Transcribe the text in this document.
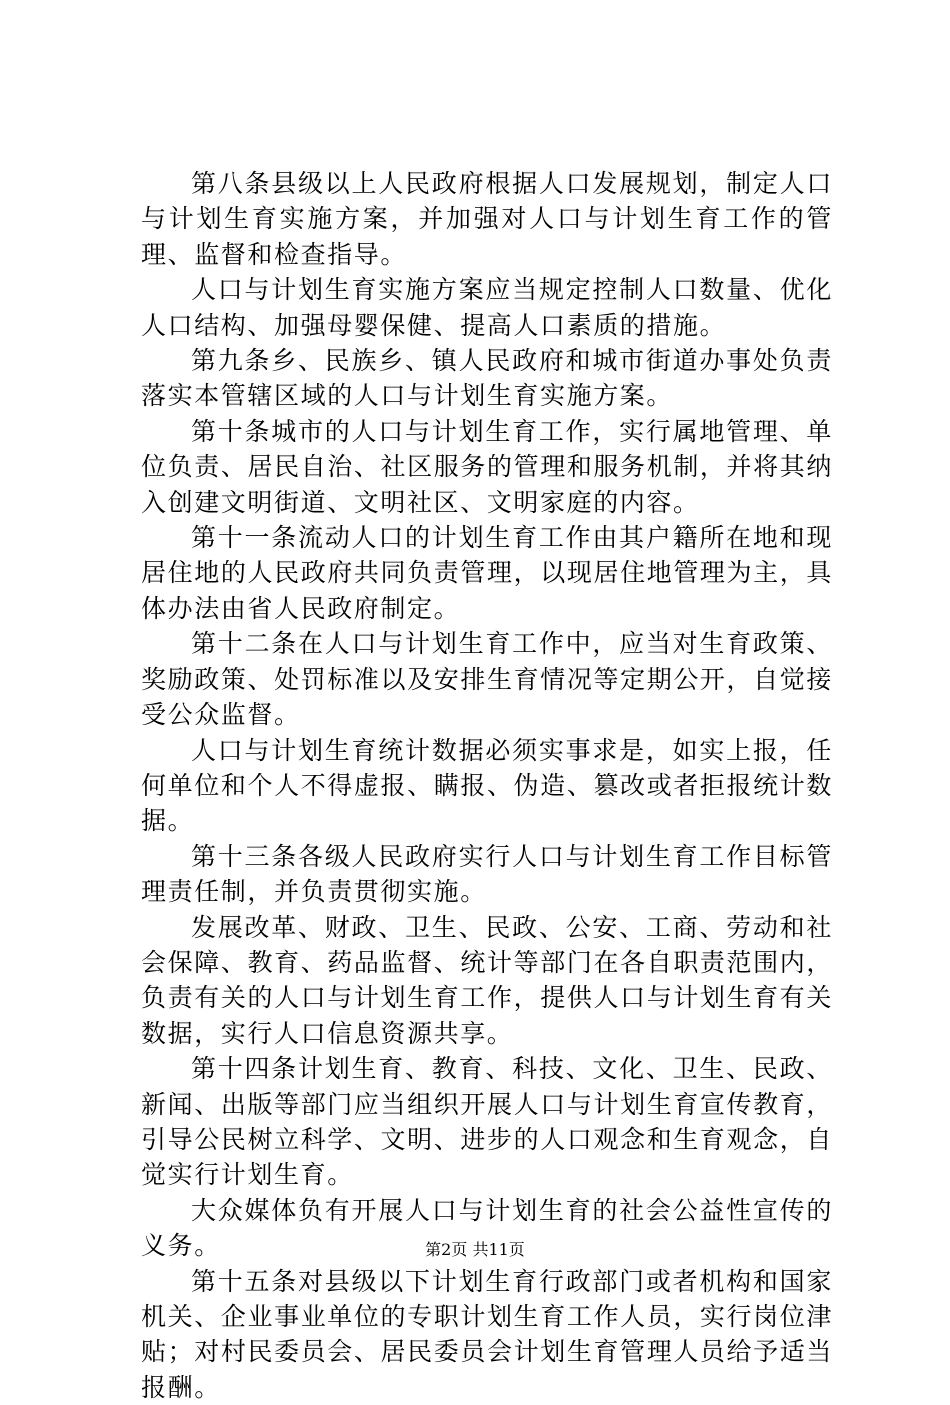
第八条县级以上人民政府根据人口发展规划，制定人口与计划生育实施方案，并加强对人口与计划生育工作的管理、监督和检查指导。

人口与计划生育实施方案应当规定控制人口数量、优化人口结构、加强母婴保健、提高人口素质的措施。

第九条乡、民族乡、镇人民政府和城市街道办事处负责落实本管辖区域的人口与计划生育实施方案。

第十条城市的人口与计划生育工作，实行属地管理、单位负责、居民自治、社区服务的管理和服务机制，并将其纳入创建文明街道、文明社区、文明家庭的内容。

第十一条流动人口的计划生育工作由其户籍所在地和现居住地的人民政府共同负责管理，以现居住地管理为主，具体办法由省人民政府制定。

第十二条在人口与计划生育工作中，应当对生育政策、奖励政策、处罚标准以及安排生育情况等定期公开，自觉接受公众监督。

人口与计划生育统计数据必须实事求是，如实上报，任何单位和个人不得虚报、瞒报、伪造、篡改或者拒报统计数据。

第十三条各级人民政府实行人口与计划生育工作目标管理责任制，并负责贯彻实施。

发展改革、财政、卫生、民政、公安、工商、劳动和社会保障、教育、药品监督、统计等部门在各自职责范围内，负责有关的人口与计划生育工作，提供人口与计划生育有关数据，实行人口信息资源共享。

第十四条计划生育、教育、科技、文化、卫生、民政、新闻、出版等部门应当组织开展人口与计划生育宣传教育，引导公民树立科学、文明、进步的人口观念和生育观念，自觉实行计划生育。

大众媒体负有开展人口与计划生育的社会公益性宣传的义务。

第十五条对县级以下计划生育行政部门或者机构和国家机关、企业事业单位的专职计划生育工作人员，实行岗位津贴；对村民委员会、居民委员会计划生育管理人员给予适当报酬。

第2页 共11页
